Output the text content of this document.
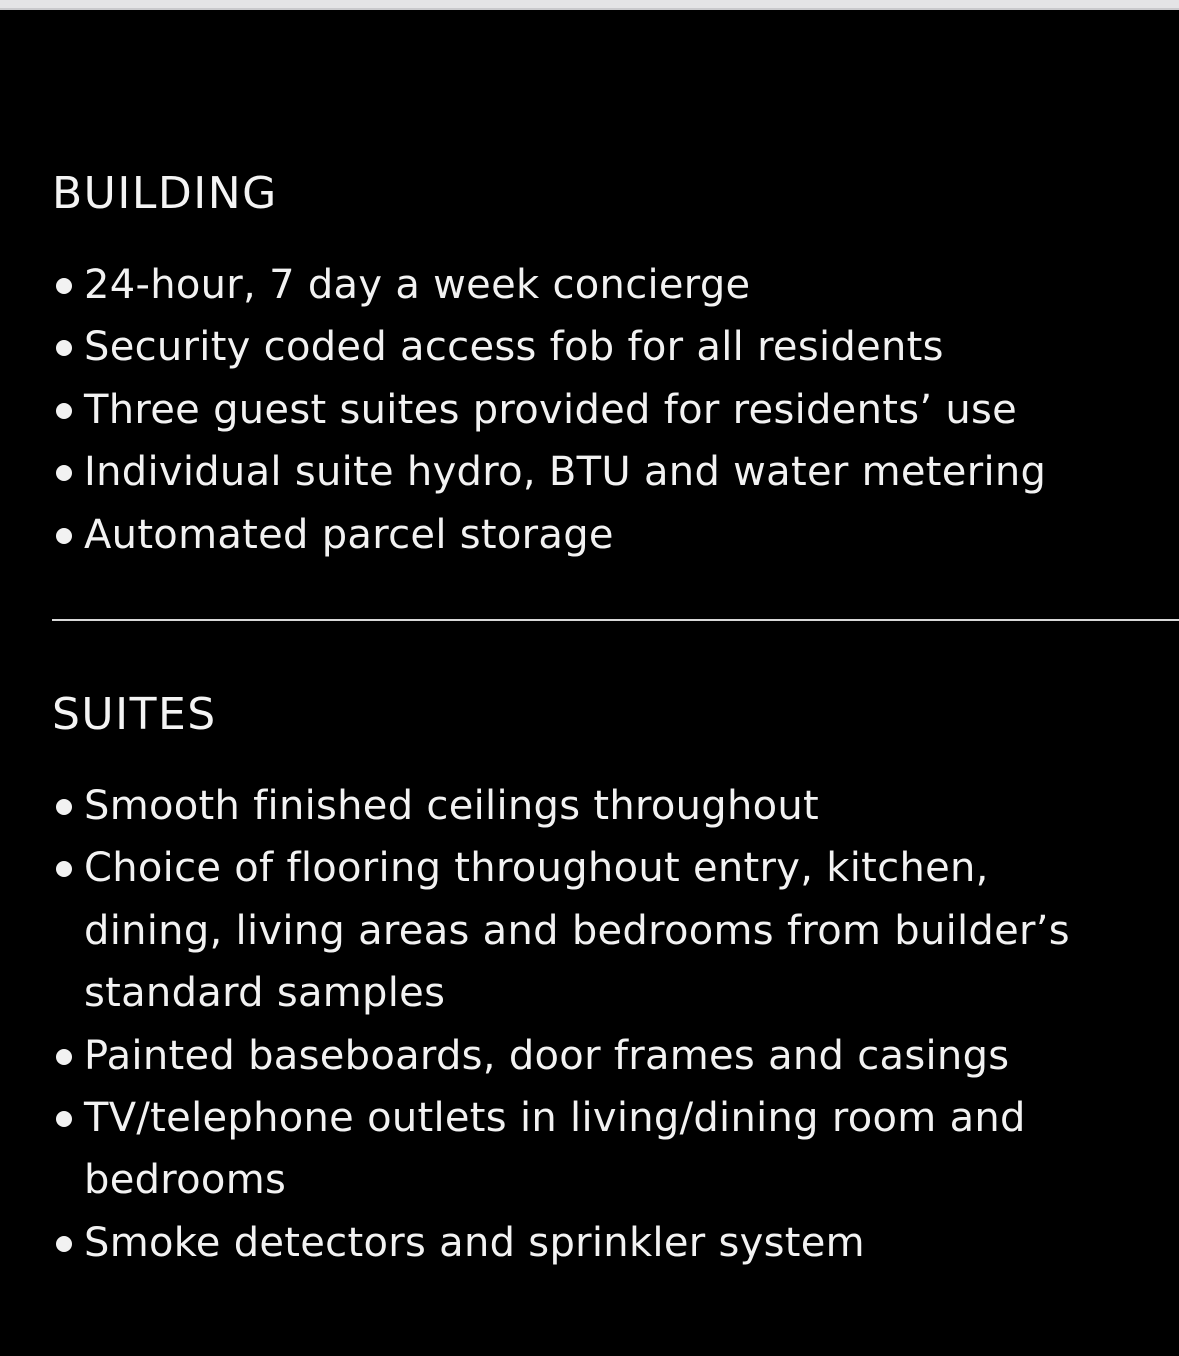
BUILDING
24-hour, 7 day a week concierge
Security coded access fob for all residents
Three guest suites provided for residents’ use
Individual suite hydro, BTU and water metering
Automated parcel storage
SUITES
Smooth finished ceilings throughout
Choice of flooring throughout entry, kitchen, dining, living areas and bedrooms from builder’s standard samples
Painted baseboards, door frames and casings
TV/telephone outlets in living/dining room and bedrooms
Smoke detectors and sprinkler system
